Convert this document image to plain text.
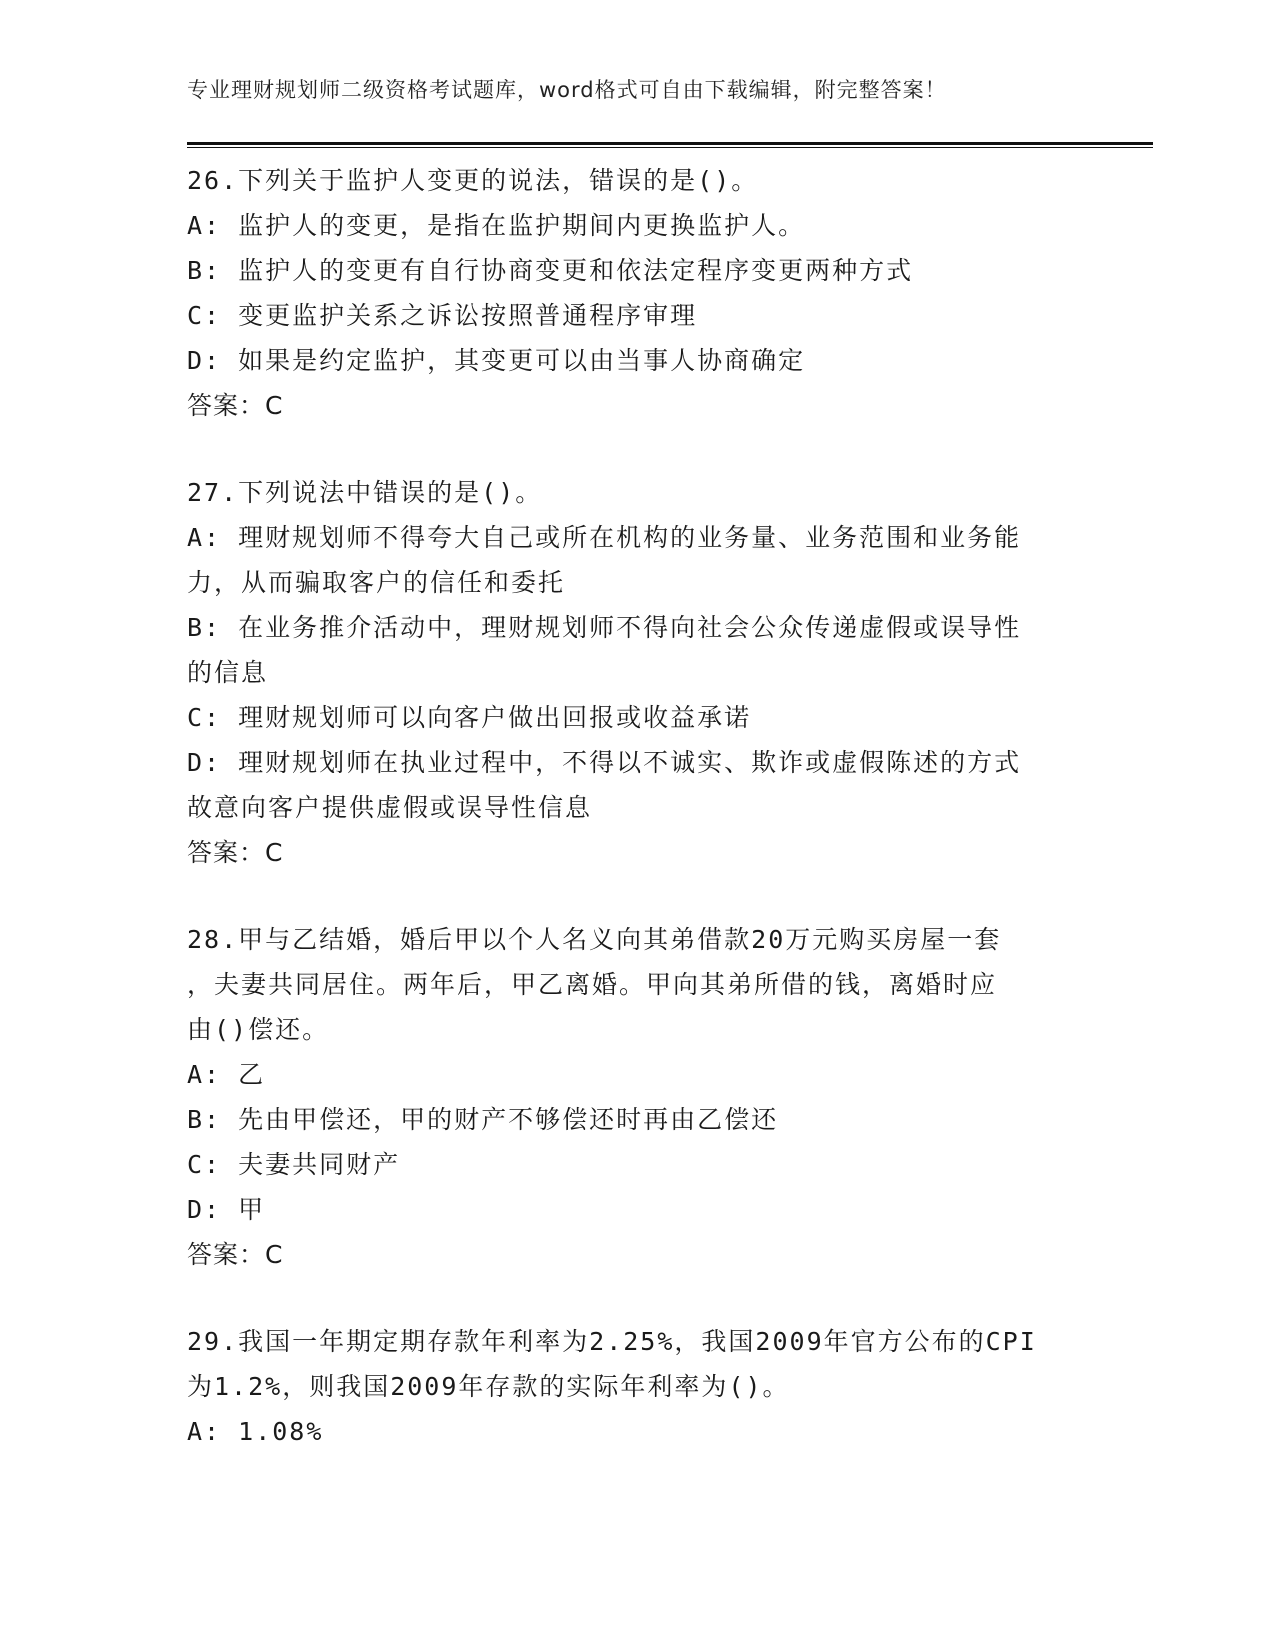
专业理财规划师二级资格考试题库，word格式可自由下载编辑，附完整答案！
26.下列关于监护人变更的说法，错误的是()。
A: 监护人的变更，是指在监护期间内更换监护人。
B: 监护人的变更有自行协商变更和依法定程序变更两种方式
C: 变更监护关系之诉讼按照普通程序审理
D: 如果是约定监护，其变更可以由当事人协商确定
答案：C
27.下列说法中错误的是()。
A: 理财规划师不得夸大自己或所在机构的业务量、业务范围和业务能
力，从而骗取客户的信任和委托
B: 在业务推介活动中，理财规划师不得向社会公众传递虚假或误导性
的信息
C: 理财规划师可以向客户做出回报或收益承诺
D: 理财规划师在执业过程中，不得以不诚实、欺诈或虚假陈述的方式
故意向客户提供虚假或误导性信息
答案：C
28.甲与乙结婚，婚后甲以个人名义向其弟借款20万元购买房屋一套
，夫妻共同居住。两年后，甲乙离婚。甲向其弟所借的钱，离婚时应
由()偿还。
A: 乙
B: 先由甲偿还，甲的财产不够偿还时再由乙偿还
C: 夫妻共同财产
D: 甲
答案：C
29.我国一年期定期存款年利率为2.25%，我国2009年官方公布的CPI
为1.2%，则我国2009年存款的实际年利率为()。
A: 1.08%
